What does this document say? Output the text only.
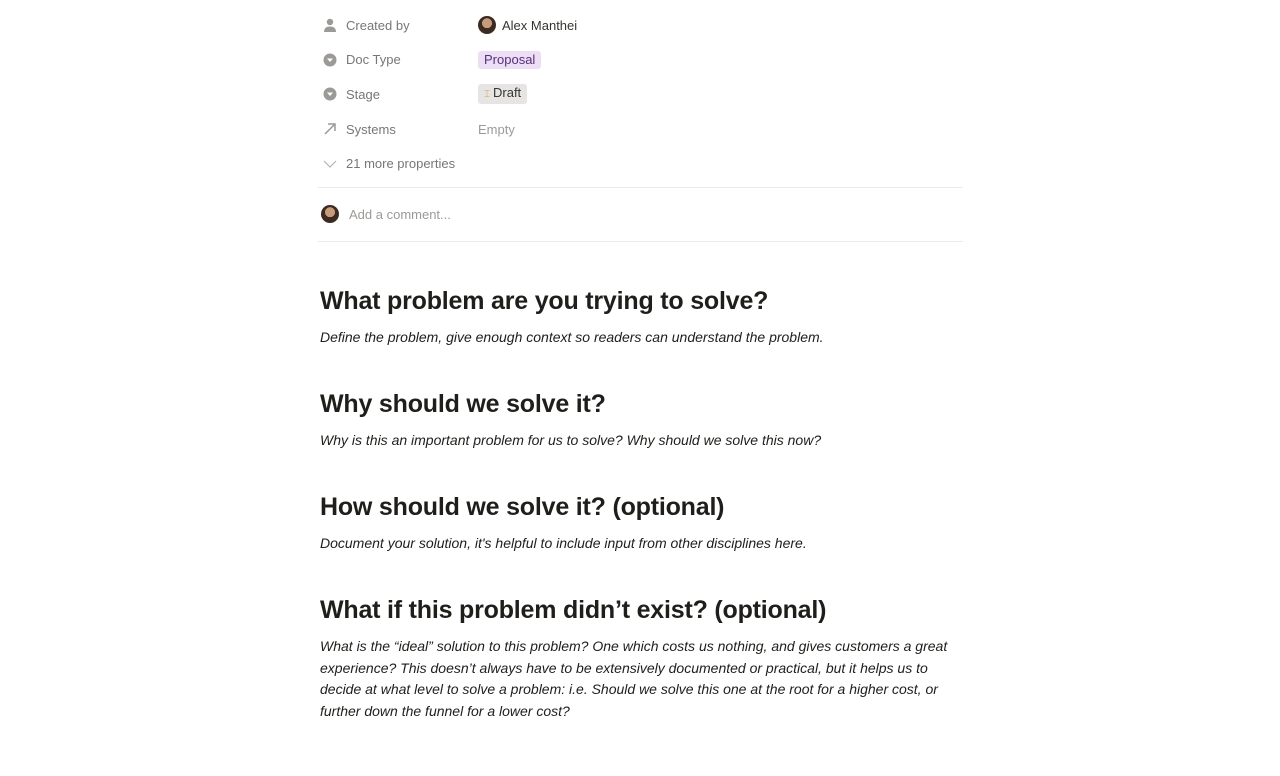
Created by	Alex Manthei
Doc Type	Proposal
Stage	⌶ Draft
Systems	Empty
21 more properties
Add a comment...
What problem are you trying to solve?

Define the problem, give enough context so readers can understand the problem.

Why should we solve it?

Why is this an important problem for us to solve? Why should we solve this now?

How should we solve it? (optional)

Document your solution, it's helpful to include input from other disciplines here.

What if this problem didn’t exist? (optional)

What is the “ideal” solution to this problem? One which costs us nothing, and gives customers a great experience? This doesn’t always have to be extensively documented or practical, but it helps us to decide at what level to solve a problem: i.e. Should we solve this one at the root for a higher cost, or further down the funnel for a lower cost?
